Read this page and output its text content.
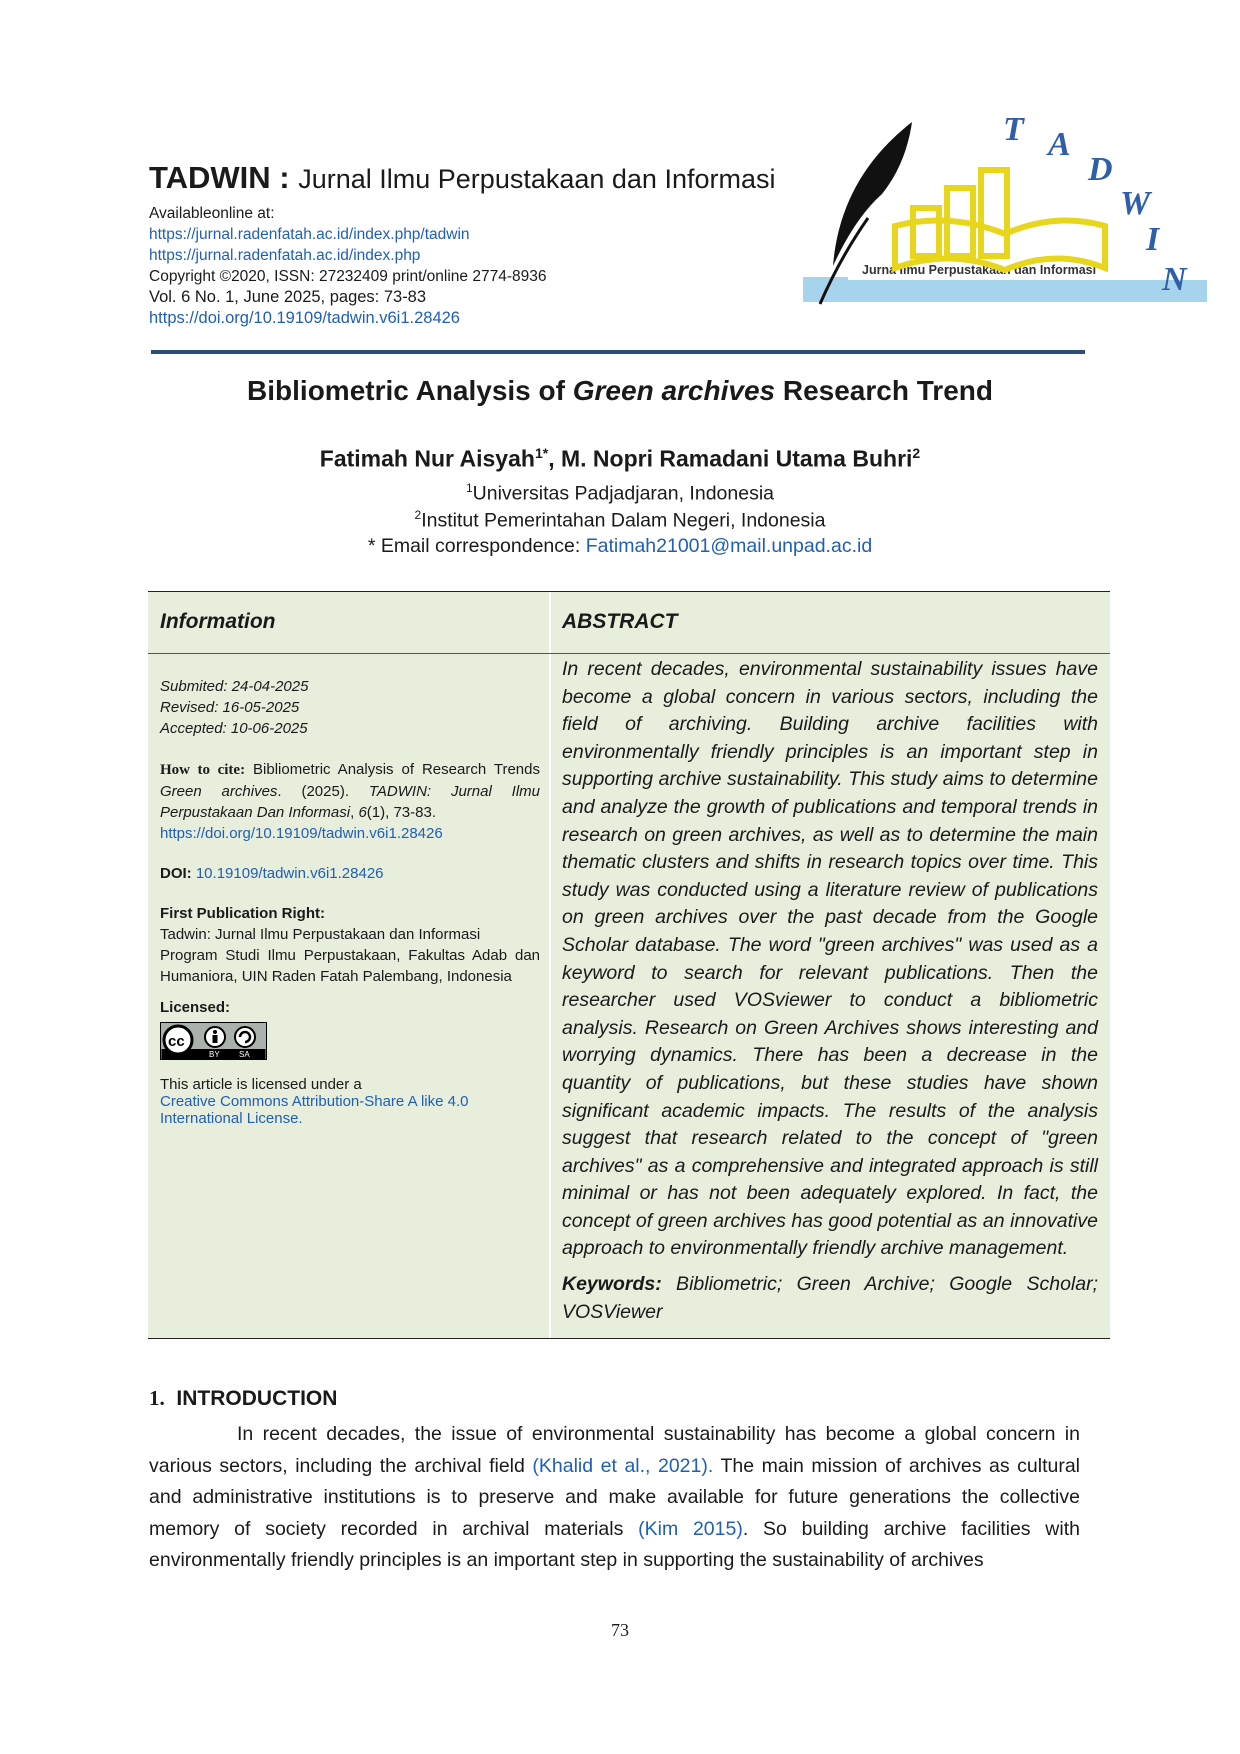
TADWIN : Jurnal Ilmu Perpustakaan dan Informasi
Availableonline at:
https://jurnal.radenfatah.ac.id/index.php/tadwin
https://jurnal.radenfatah.ac.id/index.php
Copyright ©2020, ISSN: 27232409 print/online 2774-8936
Vol. 6 No. 1, June 2025, pages: 73-83
https://doi.org/10.19109/tadwin.v6i1.28426
Jurna Ilmu Perpustakaan dan Informasi
T A
D
W
I
N
Bibliometric Analysis of Green archives Research Trend
Fatimah Nur Aisyah$^{1*}$, M. Nopri Ramadani Utama Buhri$^2$
$^1$Universitas Padjadjaran, Indonesia
$^2$Institut Pemerintahan Dalam Negeri, Indonesia
* Email correspondence: Fatimah21001@mail.unpad.ac.id
Information

Submited: 24-04-2025

Revised: 16-05-2025

Accepted: 10-06-2025

How to cite: Bibliometric Analysis of Research Trends Green archives. (2025). TADWIN: Jurnal Ilmu Perpustakaan Dan Informasi, 6(1), 73-83.
https://doi.org/10.19109/tadwin.v6i1.28426

DOI: 10.19109/tadwin.v6i1.28426

First Publication Right:

Tadwin: Jurnal Ilmu Perpustakaan dan Informasi

Program Studi Ilmu Perpustakaan, Fakultas Adab dan Humaniora, UIN Raden Fatah Palembang, Indonesia

Licensed:

cc
BY SA

This article is licensed under a

Creative Commons Attribution-Share A like 4.0 International License.

ABSTRACT

In recent decades, environmental sustainability issues have become a global concern in various sectors, including the field of archiving. Building archive facilities with environmentally friendly principles is an important step in supporting archive sustainability. This study aims to determine and analyze the growth of publications and temporal trends in research on green archives, as well as to determine the main thematic clusters and shifts in research topics over time. This study was conducted using a literature review of publications on green archives over the past decade from the Google Scholar database. The word "green archives" was used as a keyword to search for relevant publications. Then the researcher used VOSviewer to conduct a bibliometric analysis. Research on Green Archives shows interesting and worrying dynamics. There has been a decrease in the quantity of publications, but these studies have shown significant academic impacts. The results of the analysis suggest that research related to the concept of "green archives" as a comprehensive and integrated approach is still minimal or has not been adequately explored. In fact, the concept of green archives has good potential as an innovative approach to environmentally friendly archive management.

Keywords: Bibliometric; Green Archive; Google Scholar; VOSViewer

1. INTRODUCTION

In recent decades, the issue of environmental sustainability has become a global concern in various sectors, including the archival field (Khalid et al., 2021). The main mission of archives as cultural and administrative institutions is to preserve and make available for future generations the collective memory of society recorded in archival materials (Kim 2015). So building archive facilities with environmentally friendly principles is an important step in supporting the sustainability of archives

73
